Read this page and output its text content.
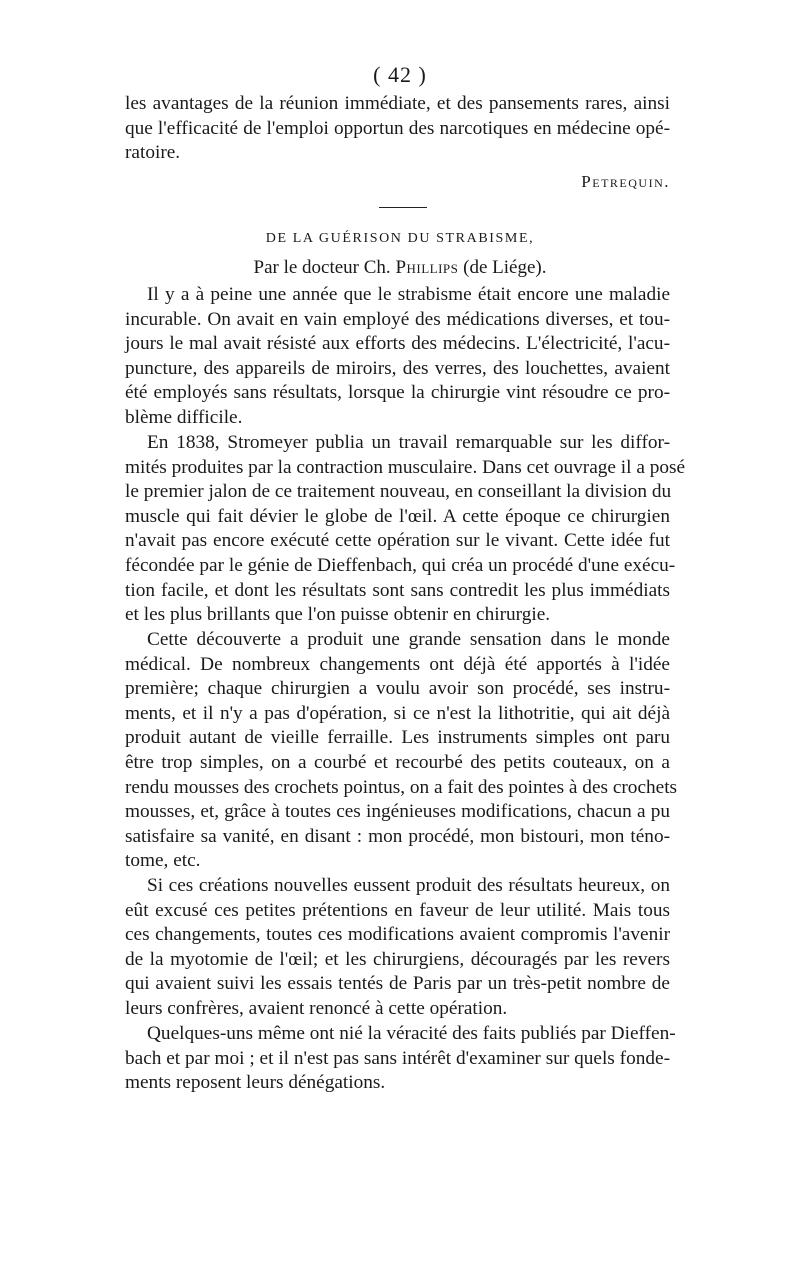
( 42 )

les avantages de la réunion immédiate, et des pansements rares, ainsi
que l'efficacité de l'emploi opportun des narcotiques en médecine opé-
ratoire.

Petrequin.
DE LA GUÉRISON DU STRABISME,
Par le docteur Ch. Phillips (de Liége).

Il y a à peine une année que le strabisme était encore une maladie
incurable. On avait en vain employé des médications diverses, et tou-
jours le mal avait résisté aux efforts des médecins. L'électricité, l'acu-
puncture, des appareils de miroirs, des verres, des louchettes, avaient
été employés sans résultats, lorsque la chirurgie vint résoudre ce pro-
blème difficile.

En 1838, Stromeyer publia un travail remarquable sur les diffor-
mités produites par la contraction musculaire. Dans cet ouvrage il a posé
le premier jalon de ce traitement nouveau, en conseillant la division du
muscle qui fait dévier le globe de l'œil. A cette époque ce chirurgien
n'avait pas encore exécuté cette opération sur le vivant. Cette idée fut
fécondée par le génie de Dieffenbach, qui créa un procédé d'une exécu-
tion facile, et dont les résultats sont sans contredit les plus immédiats
et les plus brillants que l'on puisse obtenir en chirurgie.

Cette découverte a produit une grande sensation dans le monde
médical. De nombreux changements ont déjà été apportés à l'idée
première; chaque chirurgien a voulu avoir son procédé, ses instru-
ments, et il n'y a pas d'opération, si ce n'est la lithotritie, qui ait déjà
produit autant de vieille ferraille. Les instruments simples ont paru
être trop simples, on a courbé et recourbé des petits couteaux, on a
rendu mousses des crochets pointus, on a fait des pointes à des crochets
mousses, et, grâce à toutes ces ingénieuses modifications, chacun a pu
satisfaire sa vanité, en disant : mon procédé, mon bistouri, mon téno-
tome, etc.

Si ces créations nouvelles eussent produit des résultats heureux, on
eût excusé ces petites prétentions en faveur de leur utilité. Mais tous
ces changements, toutes ces modifications avaient compromis l'avenir
de la myotomie de l'œil; et les chirurgiens, découragés par les revers
qui avaient suivi les essais tentés de Paris par un très-petit nombre de
leurs confrères, avaient renoncé à cette opération.

Quelques-uns même ont nié la véracité des faits publiés par Dieffen-
bach et par moi ; et il n'est pas sans intérêt d'examiner sur quels fonde-
ments reposent leurs dénégations.
